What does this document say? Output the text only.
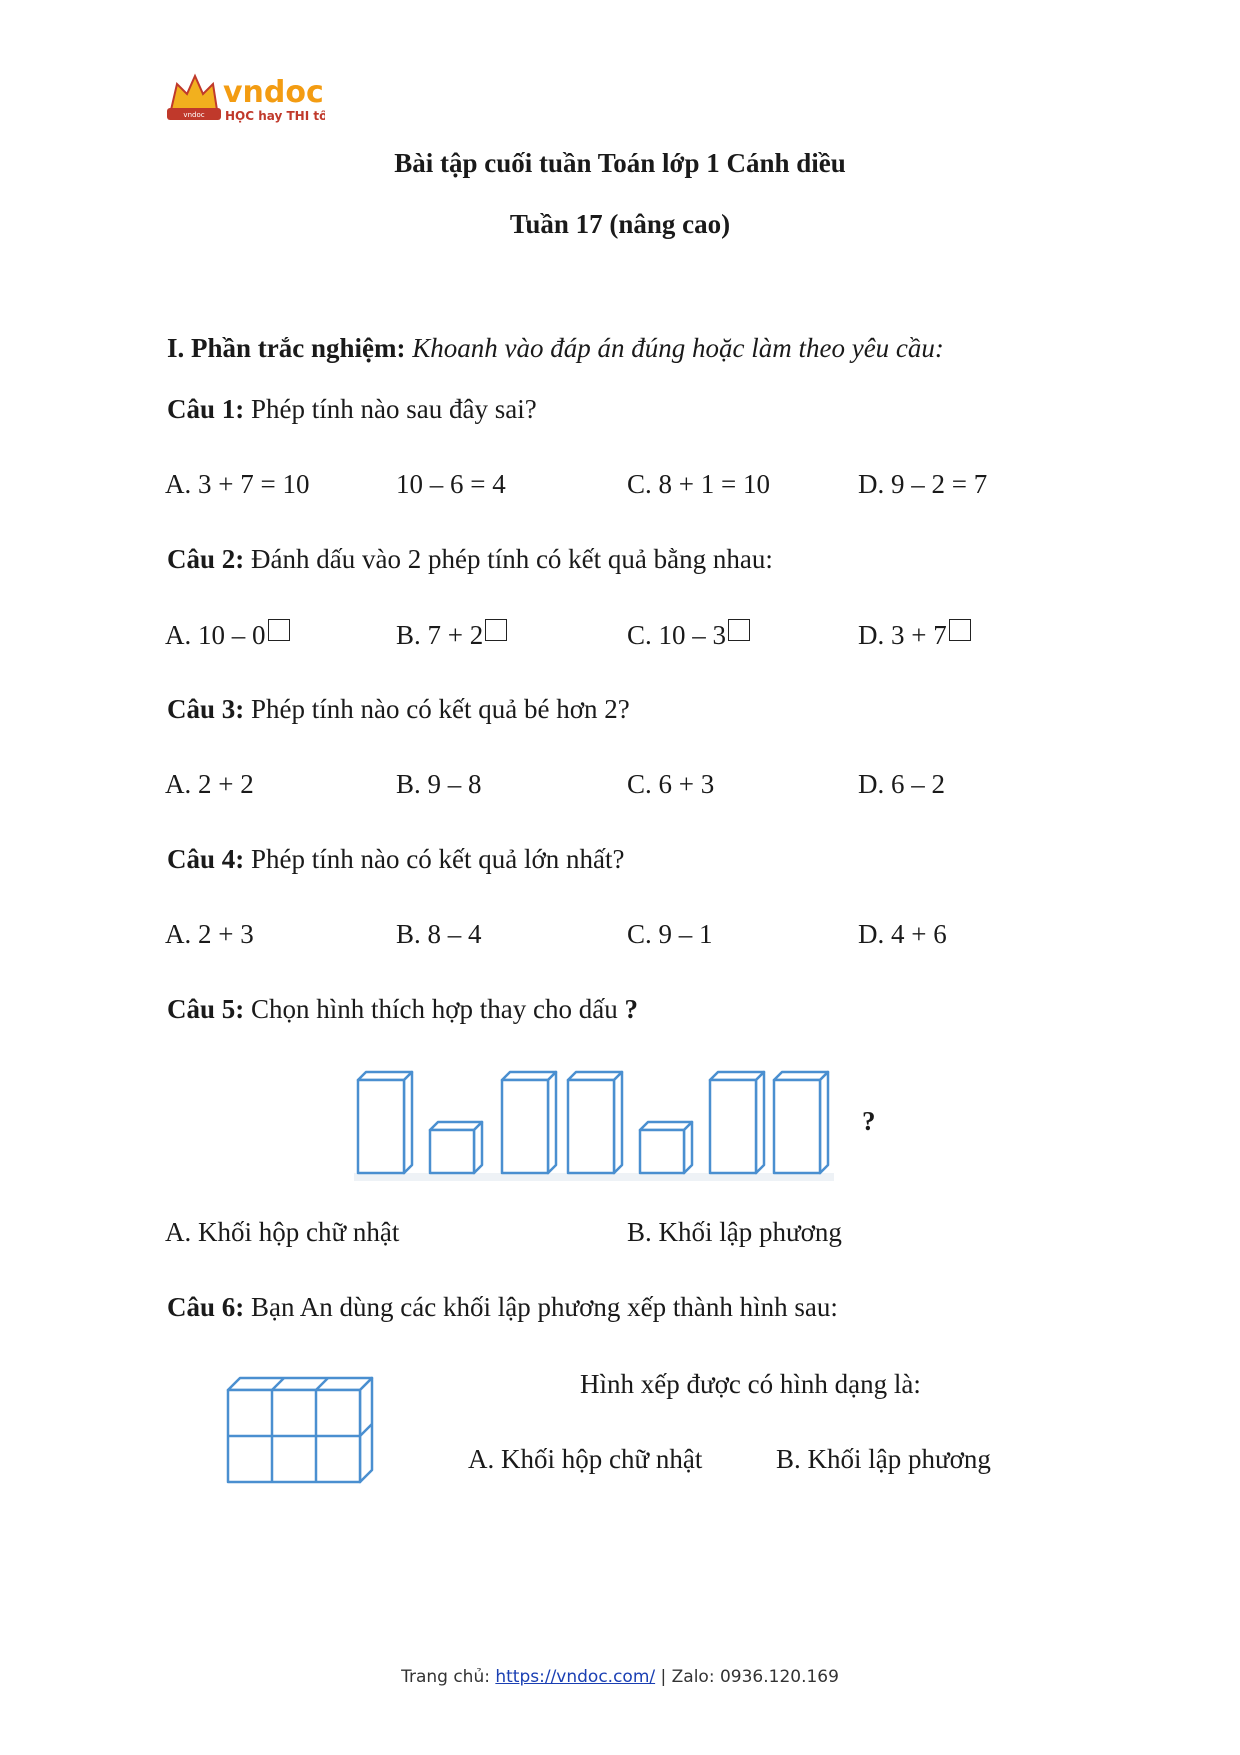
vndoc
vndoc
HỌC hay THI tốt
Bài tập cuối tuần Toán lớp 1 Cánh diều
Tuần 17 (nâng cao)
I. Phần trắc nghiệm: Khoanh vào đáp án đúng hoặc làm theo yêu cầu:
Câu 1: Phép tính nào sau đây sai?
A. 3 + 7 = 10	10 – 6 = 4	C. 8 + 1 = 10	D. 9 – 2 = 7
Câu 2: Đánh dấu vào 2 phép tính có kết quả bằng nhau:
A. 10 – 0	B. 7 + 2	C. 10 – 3	D. 3 + 7
Câu 3: Phép tính nào có kết quả bé hơn 2?
A. 2 + 2	B. 9 – 8	C. 6 + 3	D. 6 – 2
Câu 4: Phép tính nào có kết quả lớn nhất?
A. 2 + 3	B. 8 – 4	C. 9 – 1	D. 4 + 6
Câu 5: Chọn hình thích hợp thay cho dấu ?
?
A. Khối hộp chữ nhật	B. Khối lập phương
Câu 6: Bạn An dùng các khối lập phương xếp thành hình sau:
Hình xếp được có hình dạng là:
A. Khối hộp chữ nhật	B. Khối lập phương
Trang chủ: https://vndoc.com/ | Zalo: 0936.120.169
